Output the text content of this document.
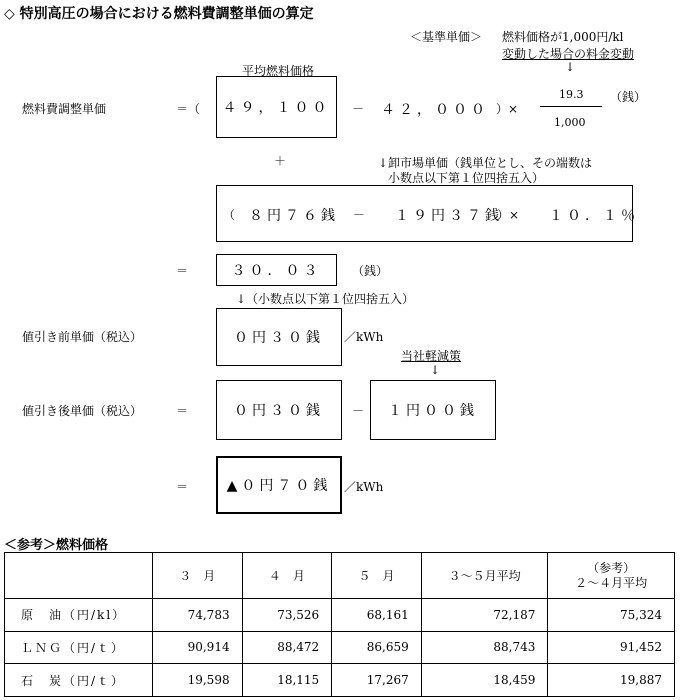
◇ 特別高圧の場合における燃料費調整単価の算定
＜基準単価＞ 燃料価格が1,000円/kl
変動した場合の料金変動
↓
平均燃料価格
燃料費調整単価	＝（ ４９，１００ － ４２，０００ ）×
19.3
1,000
（銭）
＋	↓卸市場単価（銭単位とし、その端数は
小数点以下第１位四捨五入）
（ ８円７６銭 － １９円３７銭
）× １０．１％
＝	３０．０３	（銭）
↓（小数点以下第１位四捨五入）
値引き前単価（税込）	０円３０銭 ／kWh
当社軽減策
↓
値引き後単価（税込）	＝	０円３０銭 － １円００銭
＝	▲０円７０銭 ／kWh
＜参考＞燃料価格
	３　月	４　月	５　月	３～５月平均	（参考）
２～４月平均

原　油（円/kl）	74,783	73,526	68,161	72,187	75,324
ＬＮＧ（円/ｔ）	90,914	88,472	86,659	88,743	91,452
石　炭（円/ｔ）	19,598	18,115	17,267	18,459	19,887
